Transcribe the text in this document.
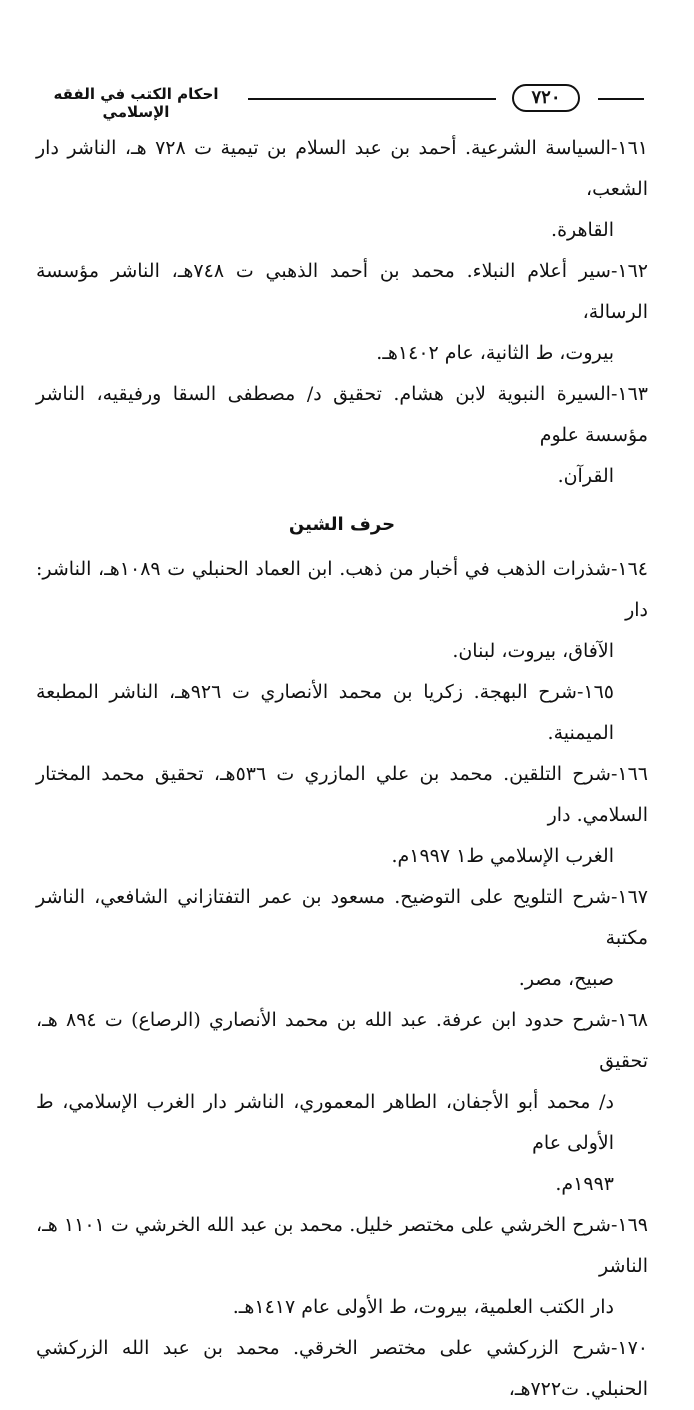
احكام الكتب في الفقه الإسلامي
٧٢٠

١٦١-السياسة الشرعية. أحمد بن عبد السلام بن تيمية ت ٧٢٨ هـ، الناشر دار الشعب،

القاهرة.

١٦٢-سير أعلام النبلاء. محمد بن أحمد الذهبي ت ٧٤٨هـ، الناشر مؤسسة الرسالة،

بيروت، ط الثانية، عام ١٤٠٢هـ.

١٦٣-السيرة النبوية لابن هشام. تحقيق د/ مصطفى السقا ورفيقيه، الناشر مؤسسة علوم

القرآن.

حرف الشين

١٦٤-شذرات الذهب في أخبار من ذهب. ابن العماد الحنبلي ت ١٠٨٩هـ، الناشر: دار

الآفاق، بيروت، لبنان.

١٦٥-شرح البهجة. زكريا بن محمد الأنصاري ت ٩٢٦هـ، الناشر المطبعة الميمنية.

١٦٦-شرح التلقين. محمد بن علي المازري ت ٥٣٦هـ، تحقيق محمد المختار السلامي. دار

الغرب الإسلامي ط١ ١٩٩٧م.

١٦٧-شرح التلويح على التوضيح. مسعود بن عمر التفتازاني الشافعي، الناشر مكتبة

صبيح، مصر.

١٦٨-شرح حدود ابن عرفة. عبد الله بن محمد الأنصاري (الرصاع) ت ٨٩٤ هـ، تحقيق

د/ محمد أبو الأجفان، الطاهر المعموري، الناشر دار الغرب الإسلامي، ط الأولى عام

١٩٩٣م.

١٦٩-شرح الخرشي على مختصر خليل. محمد بن عبد الله الخرشي ت ١١٠١ هـ، الناشر

دار الكتب العلمية، بيروت، ط الأولى عام ١٤١٧هـ.

١٧٠-شرح الزركشي على مختصر الخرقي. محمد بن عبد الله الزركشي الحنبلي. ت٧٢٢هـ،
